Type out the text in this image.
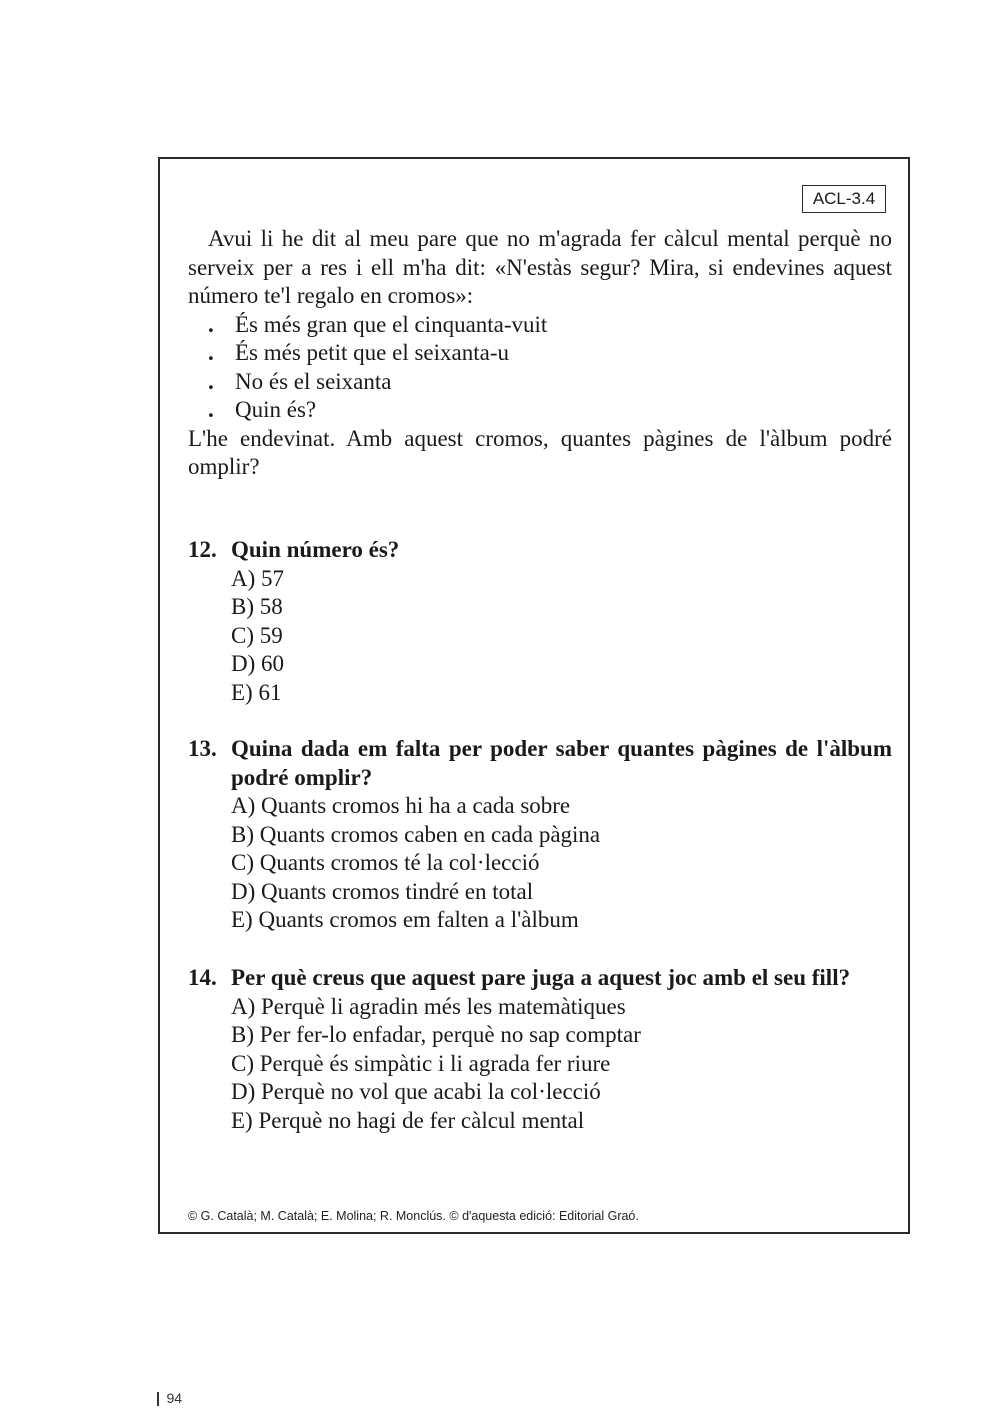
ACL-3.4

Avui li he dit al meu pare que no m'agrada fer càlcul mental perquè no serveix per a res i ell m'ha dit: «N'estàs segur? Mira, si endevines aquest número te'l regalo en cromos»:

. És més gran que el cinquanta-vuit
. És més petit que el seixanta-u
. No és el seixanta
. Quin és?

L'he endevinat. Amb aquest cromos, quantes pàgines de l'àlbum podré omplir?

12. Quin número és?
A) 57
B) 58
C) 59
D) 60
E) 61
13. Quina dada em falta per poder saber quantes pàgines de l'àlbum podré omplir?
A) Quants cromos hi ha a cada sobre
B) Quants cromos caben en cada pàgina
C) Quants cromos té la col·lecció
D) Quants cromos tindré en total
E) Quants cromos em falten a l'àlbum
14. Per què creus que aquest pare juga a aquest joc amb el seu fill?
A) Perquè li agradin més les matemàtiques
B) Per fer-lo enfadar, perquè no sap comptar
C) Perquè és simpàtic i li agrada fer riure
D) Perquè no vol que acabi la col·lecció
E) Perquè no hagi de fer càlcul mental
© G. Català; M. Català; E. Molina; R. Monclús. © d'aquesta edició: Editorial Graó.
94
